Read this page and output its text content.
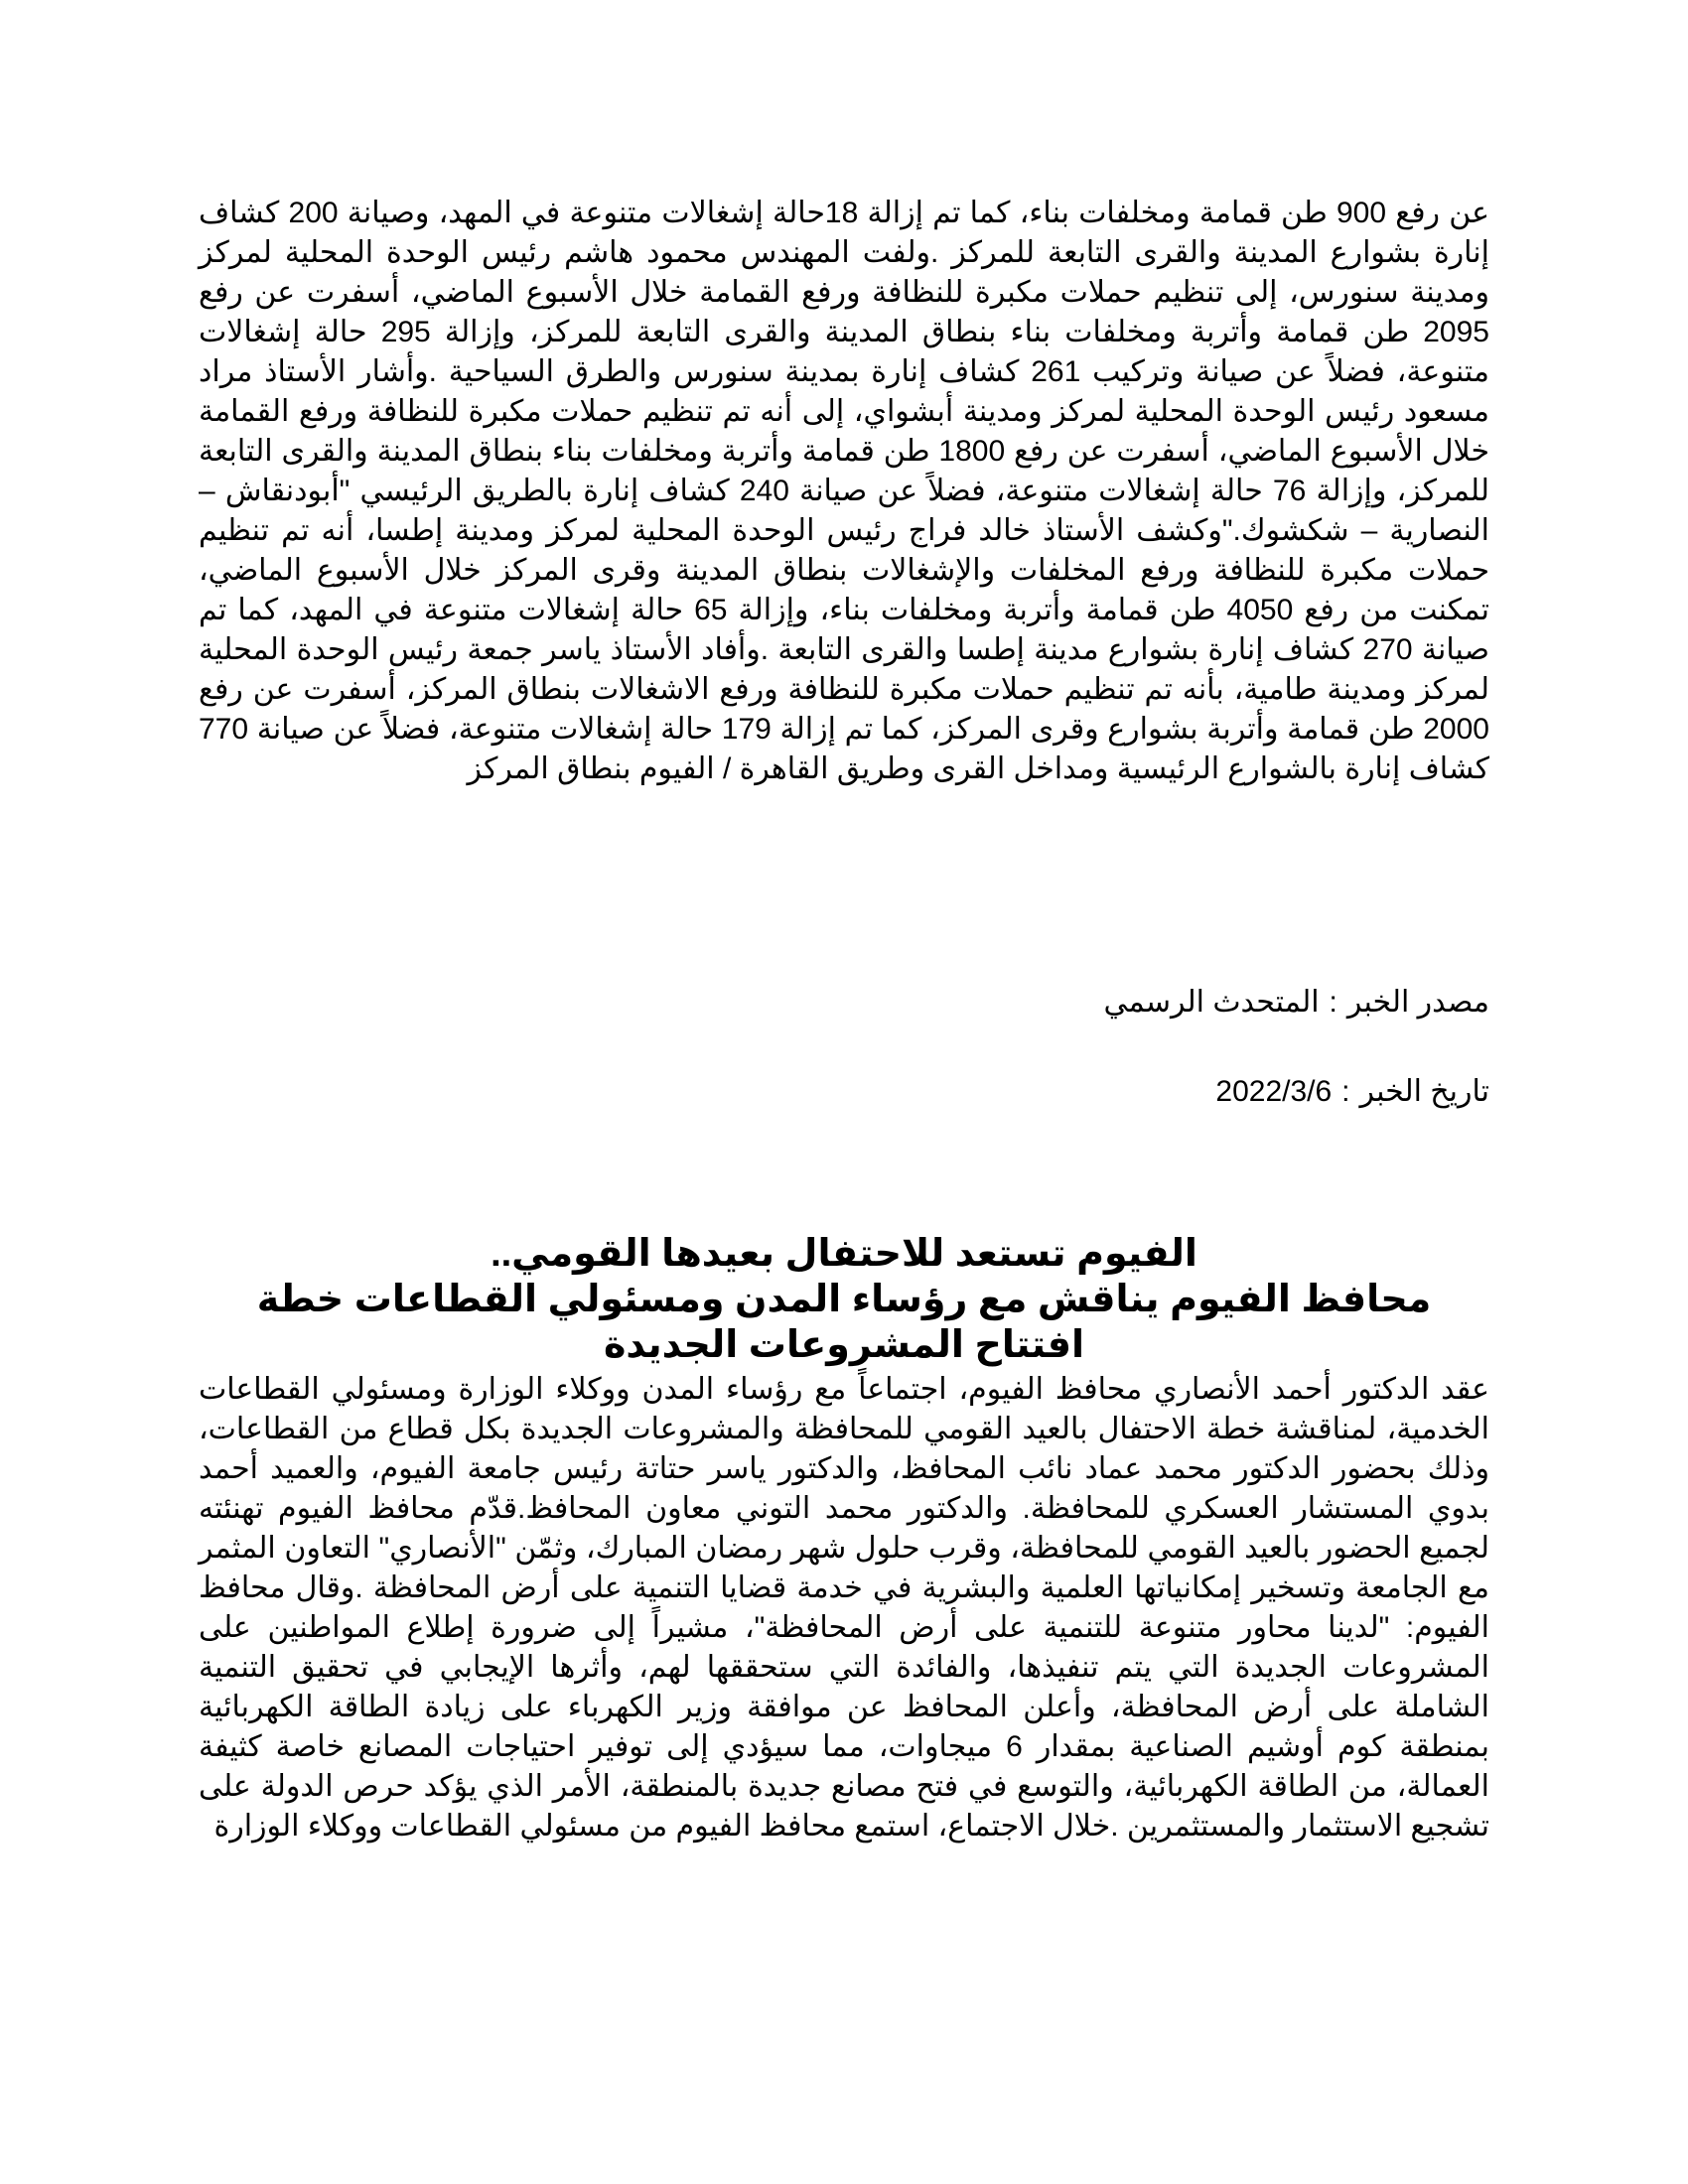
عن رفع 900 طن قمامة ومخلفات بناء، كما تم إزالة 18حالة إشغالات متنوعة في المهد، وصيانة 200 كشاف إنارة بشوارع المدينة والقرى التابعة للمركز .ولفت المهندس محمود هاشم رئيس الوحدة المحلية لمركز ومدينة سنورس، إلى تنظيم حملات مكبرة للنظافة ورفع القمامة خلال الأسبوع الماضي، أسفرت عن رفع 2095 طن قمامة وأتربة ومخلفات بناء بنطاق المدينة والقرى التابعة للمركز، وإزالة 295 حالة إشغالات متنوعة، فضلاً عن صيانة وتركيب 261 كشاف إنارة بمدينة سنورس والطرق السياحية .وأشار الأستاذ مراد مسعود رئيس الوحدة المحلية لمركز ومدينة أبشواي، إلى أنه تم تنظيم حملات مكبرة للنظافة ورفع القمامة خلال الأسبوع الماضي، أسفرت عن رفع 1800 طن قمامة وأتربة ومخلفات بناء بنطاق المدينة والقرى التابعة للمركز، وإزالة 76 حالة إشغالات متنوعة، فضلاً عن صيانة 240 كشاف إنارة بالطريق الرئيسي "أبودنقاش – النصارية – شكشوك."وكشف الأستاذ خالد فراج رئيس الوحدة المحلية لمركز ومدينة إطسا، أنه تم تنظيم حملات مكبرة للنظافة ورفع المخلفات والإشغالات بنطاق المدينة وقرى المركز خلال الأسبوع الماضي، تمكنت من رفع 4050 طن قمامة وأتربة ومخلفات بناء، وإزالة 65 حالة إشغالات متنوعة في المهد، كما تم صيانة 270 كشاف إنارة بشوارع مدينة إطسا والقرى التابعة .وأفاد الأستاذ ياسر جمعة رئيس الوحدة المحلية لمركز ومدينة طامية، بأنه تم تنظيم حملات مكبرة للنظافة ورفع الاشغالات بنطاق المركز، أسفرت عن رفع 2000 طن قمامة وأتربة بشوارع وقرى المركز، كما تم إزالة 179 حالة إشغالات متنوعة، فضلاً عن صيانة 770 كشاف إنارة بالشوارع الرئيسية ومداخل القرى وطريق القاهرة / الفيوم بنطاق المركز

مصدر الخبر:المتحدث الرسمي

تاريخ الخبر:2022/3/6

الفيوم تستعد للاحتفال بعيدها القومي..

محافظ الفيوم يناقش مع رؤساء المدن ومسئولي القطاعات خطة افتتاح المشروعات الجديدة

عقد الدكتور أحمد الأنصاري محافظ الفيوم، اجتماعاً مع رؤساء المدن ووكلاء الوزارة ومسئولي القطاعات الخدمية، لمناقشة خطة الاحتفال بالعيد القومي للمحافظة والمشروعات الجديدة بكل قطاع من القطاعات، وذلك بحضور الدكتور محمد عماد نائب المحافظ، والدكتور ياسر حتاتة رئيس جامعة الفيوم، والعميد أحمد بدوي المستشار العسكري للمحافظة. والدكتور محمد التوني معاون المحافظ.قدّم محافظ الفيوم تهنئته لجميع الحضور بالعيد القومي للمحافظة، وقرب حلول شهر رمضان المبارك، وثمّن "الأنصاري" التعاون المثمر مع الجامعة وتسخير إمكانياتها العلمية والبشرية في خدمة قضايا التنمية على أرض المحافظة .وقال محافظ الفيوم: "لدينا محاور متنوعة للتنمية على أرض المحافظة"، مشيراً إلى ضرورة إطلاع المواطنين على المشروعات الجديدة التي يتم تنفيذها، والفائدة التي ستحققها لهم، وأثرها الإيجابي في تحقيق التنمية الشاملة على أرض المحافظة، وأعلن المحافظ عن موافقة وزير الكهرباء على زيادة الطاقة الكهربائية بمنطقة كوم أوشيم الصناعية بمقدار 6 ميجاوات، مما سيؤدي إلى توفير احتياجات المصانع خاصة كثيفة العمالة، من الطاقة الكهربائية، والتوسع في فتح مصانع جديدة بالمنطقة، الأمر الذي يؤكد حرص الدولة على تشجيع الاستثمار والمستثمرين .خلال الاجتماع، استمع محافظ الفيوم من مسئولي القطاعات ووكلاء الوزارة
